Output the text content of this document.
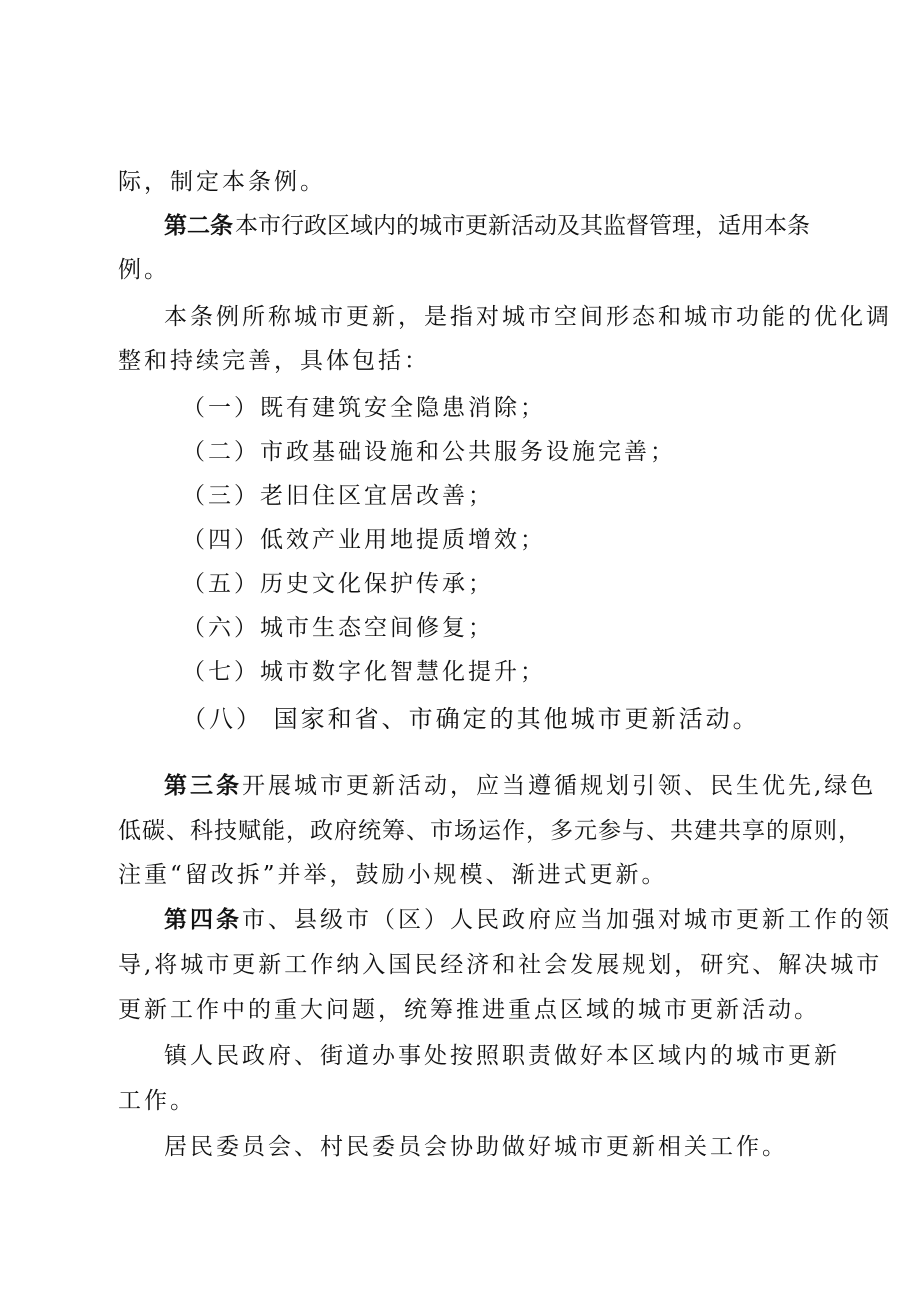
际，制定本条例。
第二条 本市行政区域内的城市更新活动及其监督管理，适用本条
例。
本条例所称城市更新，是指对城市空间形态和城市功能的优化调
整和持续完善，具体包括：
（一）既有建筑安全隐患消除；
（二）市政基础设施和公共服务设施完善；
（三）老旧住区宜居改善；
（四）低效产业用地提质增效；
（五）历史文化保护传承；
（六）城市生态空间修复；
（七）城市数字化智慧化提升；
（八） 国家和省、市确定的其他城市更新活动。
第三条开展城市更新活动，应当遵循规划引领、民生优先,绿色
低碳、科技赋能，政府统筹、市场运作，多元参与、共建共享的原则，
注重“留改拆”并举，鼓励小规模、渐进式更新。
第四条市、县级市（区）人民政府应当加强对城市更新工作的领
导,将城市更新工作纳入国民经济和社会发展规划，研究、解决城市
更新工作中的重大问题，统筹推进重点区域的城市更新活动。
镇人民政府、街道办事处按照职责做好本区域内的城市更新
工作。
居民委员会、村民委员会协助做好城市更新相关工作。
